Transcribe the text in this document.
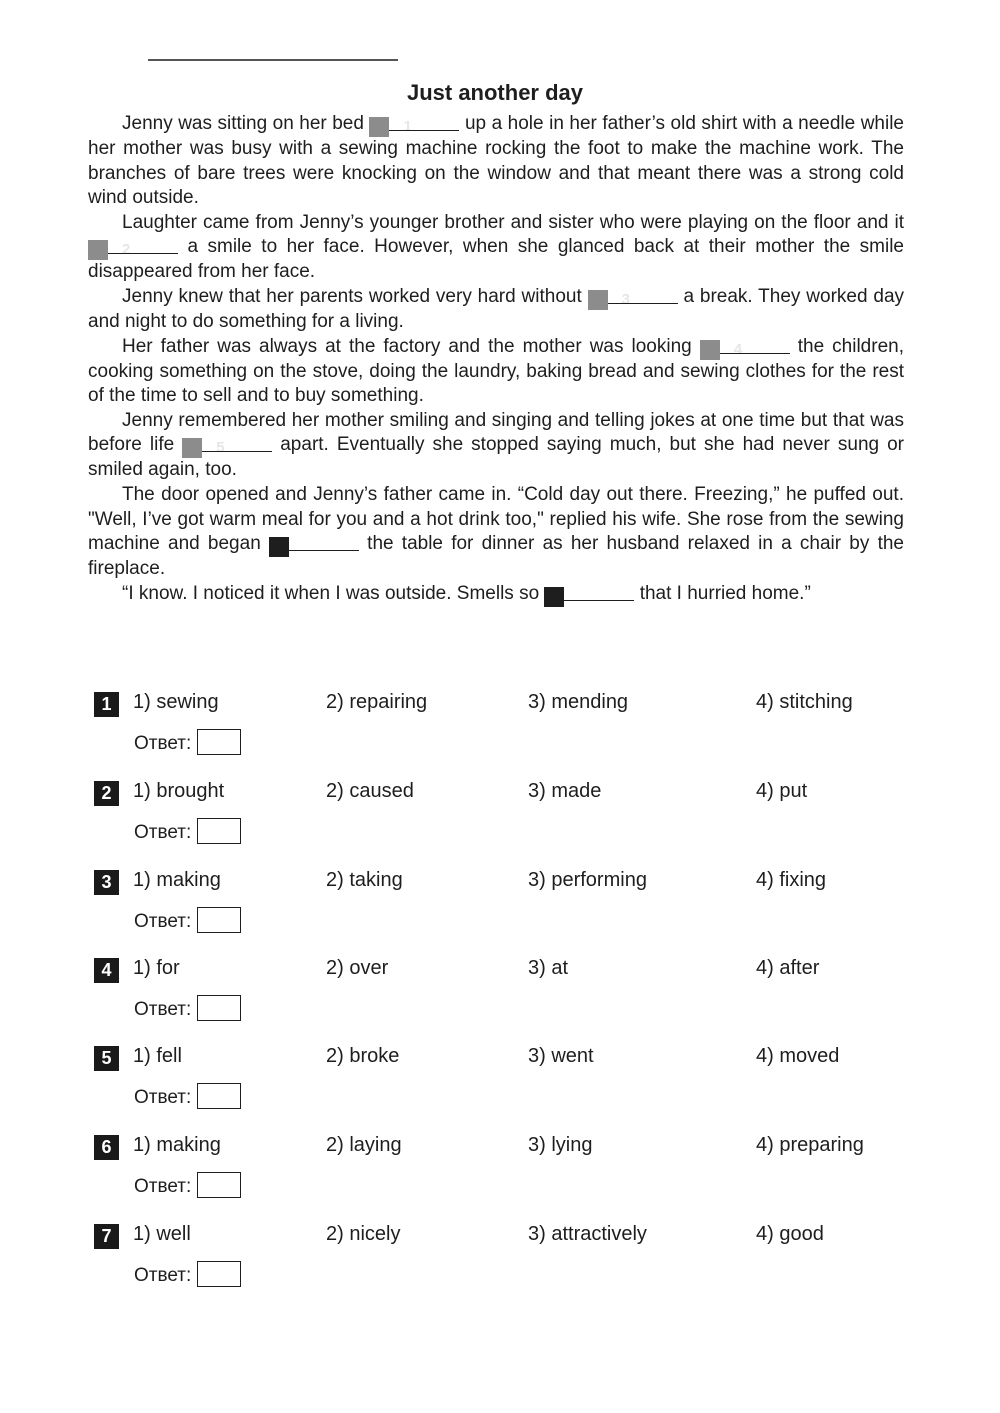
Just another day

Jenny was sitting on her bed 1	up a hole in her father’s old shirt with a needle while her mother was busy with a sewing machine rocking the foot to make the machine work. The branches of bare trees were knocking on the window and that meant there was a strong cold wind outside.

Laughter came from Jenny’s younger brother and sister who were playing on the floor and it 2	a smile to her face. However, when she glanced back at their mother the smile disappeared from her face.

Jenny knew that her parents worked very hard without 3	a break. They worked day and night to do something for a living.

Her father was always at the factory and the mother was looking 4	the children, cooking something on the stove, doing the laundry, baking bread and sewing clothes for the rest of the time to sell and to buy something.

Jenny remembered her mother smiling and singing and telling jokes at one time but that was before life 5	apart. Eventually she stopped saying much, but she had never sung or smiled again, too.

The door opened and Jenny’s father came in. “Cold day out there. Freezing,” he puffed out. "Well, I’ve got warm meal for you and a hot drink too," replied his wife. She rose from the sewing machine and began 6	the table for dinner as her husband relaxed in a chair by the fireplace.

“I know. I noticed it when I was outside. Smells so 7	that I hurried home.”

1	1) sewing	2) repairing	3) mending	4) stitching
Ответ:
2	1) brought	2) caused	3) made	4) put
Ответ:
3	1) making	2) taking	3) performing	4) fixing
Ответ:
4	1) for	2) over	3) at	4) after
Ответ:
5	1) fell	2) broke	3) went	4) moved
Ответ:
6	1) making	2) laying	3) lying	4) preparing
Ответ:
7	1) well	2) nicely	3) attractively	4) good
Ответ:
